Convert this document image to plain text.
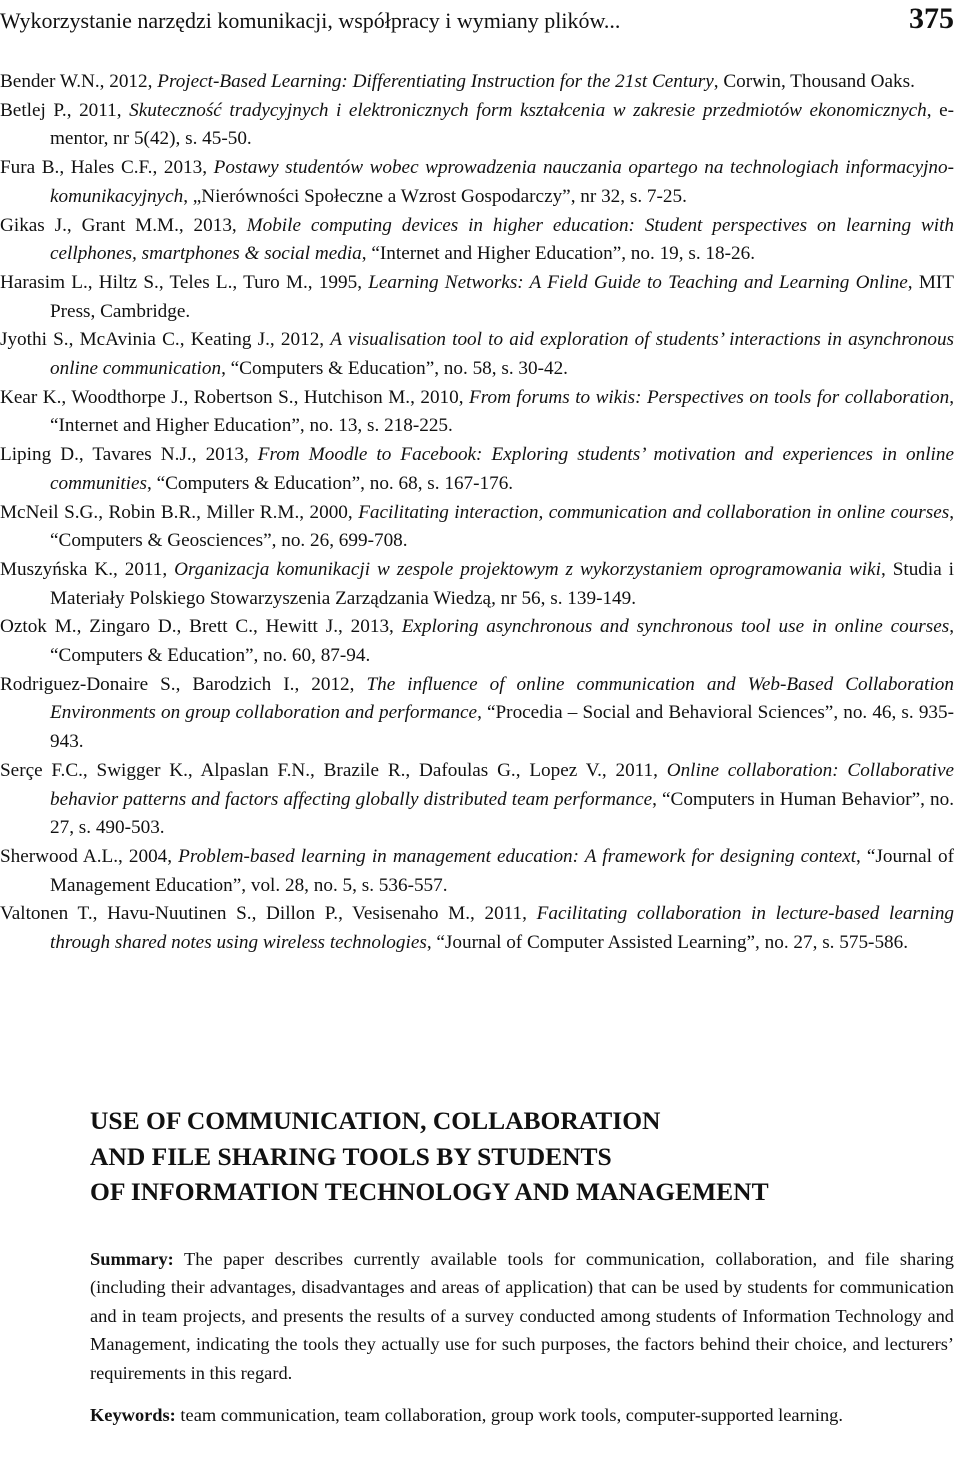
Wykorzystanie narzędzi komunikacji, współpracy i wymiany plików...	375

Bender W.N., 2012, Project-Based Learning: Differentiating Instruction for the 21st Century, Corwin, Thousand Oaks.

Betlej P., 2011, Skuteczność tradycyjnych i elektronicznych form kształcenia w zakresie przedmiotów ekonomicznych, e-mentor, nr 5(42), s. 45-50.

Fura B., Hales C.F., 2013, Postawy studentów wobec wprowadzenia nauczania opartego na technologiach informacyjno-komunikacyjnych, „Nierówności Społeczne a Wzrost Gospodarczy”, nr 32, s. 7-25.

Gikas J., Grant M.M., 2013, Mobile computing devices in higher education: Student perspectives on learning with cellphones, smartphones & social media, “Internet and Higher Education”, no. 19, s. 18-26.

Harasim L., Hiltz S., Teles L., Turo M., 1995, Learning Networks: A Field Guide to Teaching and Learning Online, MIT Press, Cambridge.

Jyothi S., McAvinia C., Keating J., 2012, A visualisation tool to aid exploration of students’ interactions in asynchronous online communication, “Computers & Education”, no. 58, s. 30-42.

Kear K., Woodthorpe J., Robertson S., Hutchison M., 2010, From forums to wikis: Perspectives on tools for collaboration, “Internet and Higher Education”, no. 13, s. 218-225.

Liping D., Tavares N.J., 2013, From Moodle to Facebook: Exploring students’ motivation and experiences in online communities, “Computers & Education”, no. 68, s. 167-176.

McNeil S.G., Robin B.R., Miller R.M., 2000, Facilitating interaction, communication and collaboration in online courses, “Computers & Geosciences”, no. 26, 699-708.

Muszyńska K., 2011, Organizacja komunikacji w zespole projektowym z wykorzystaniem oprogramowania wiki, Studia i Materiały Polskiego Stowarzyszenia Zarządzania Wiedzą, nr 56, s. 139-149.

Oztok M., Zingaro D., Brett C., Hewitt J., 2013, Exploring asynchronous and synchronous tool use in online courses, “Computers & Education”, no. 60, 87-94.

Rodriguez-Donaire S., Barodzich I., 2012, The influence of online communication and Web-Based Collaboration Environments on group collaboration and performance, “Procedia – Social and Behavioral Sciences”, no. 46, s. 935-943.

Serçe F.C., Swigger K., Alpaslan F.N., Brazile R., Dafoulas G., Lopez V., 2011, Online collaboration: Collaborative behavior patterns and factors affecting globally distributed team performance, “Computers in Human Behavior”, no. 27, s. 490-503.

Sherwood A.L., 2004, Problem-based learning in management education: A framework for designing context, “Journal of Management Education”, vol. 28, no. 5, s. 536-557.

Valtonen T., Havu-Nuutinen S., Dillon P., Vesisenaho M., 2011, Facilitating collaboration in lecture-based learning through shared notes using wireless technologies, “Journal of Computer Assisted Learning”, no. 27, s. 575-586.

USE OF COMMUNICATION, COLLABORATION
AND FILE SHARING TOOLS BY STUDENTS
OF INFORMATION TECHNOLOGY AND MANAGEMENT

Summary: The paper describes currently available tools for communication, collaboration, and file sharing (including their advantages, disadvantages and areas of application) that can be used by students for communication and in team projects, and presents the results of a survey conducted among students of Information Technology and Management, indicating the tools they actually use for such purposes, the factors behind their choice, and lecturers’ requirements in this regard.

Keywords: team communication, team collaboration, group work tools, computer-supported learning.
